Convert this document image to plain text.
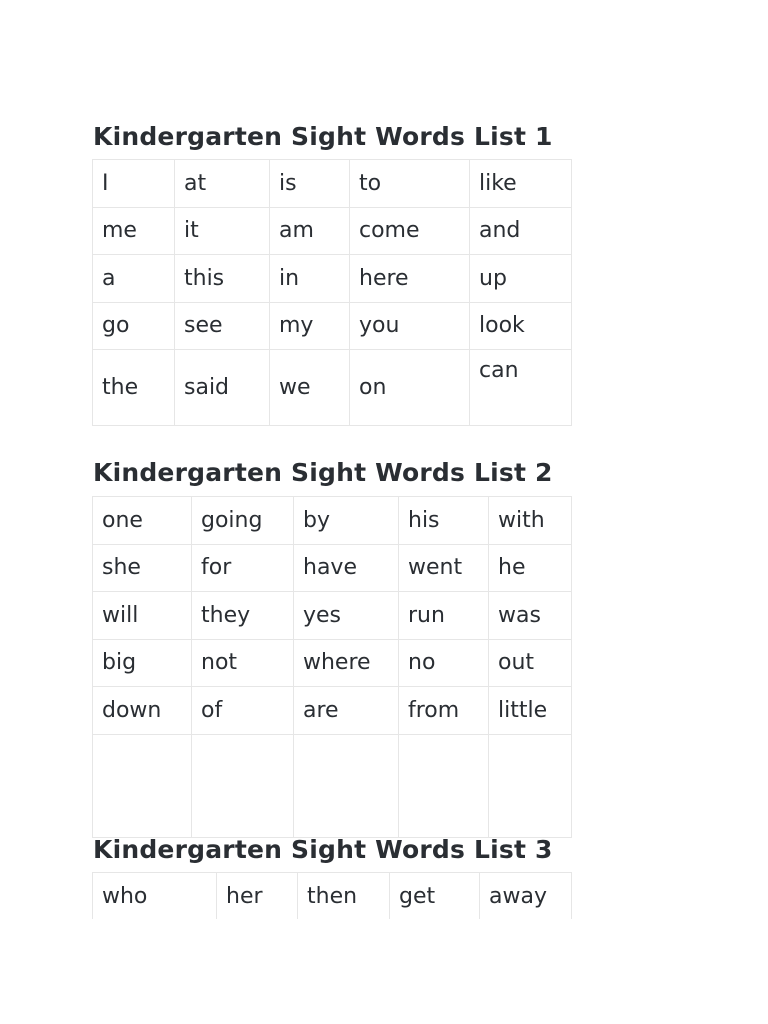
Kindergarten Sight Words List 1
I	at	is	to	like
me	it	am	come	and
a	this	in	here	up
go	see	my	you	look
the	said	we	on	can
Kindergarten Sight Words List 2
one	going	by	his	with
she	for	have	went	he
will	they	yes	run	was
big	not	where	no	out
down	of	are	from	little

Kindergarten Sight Words List 3
who	her	then	get	away
